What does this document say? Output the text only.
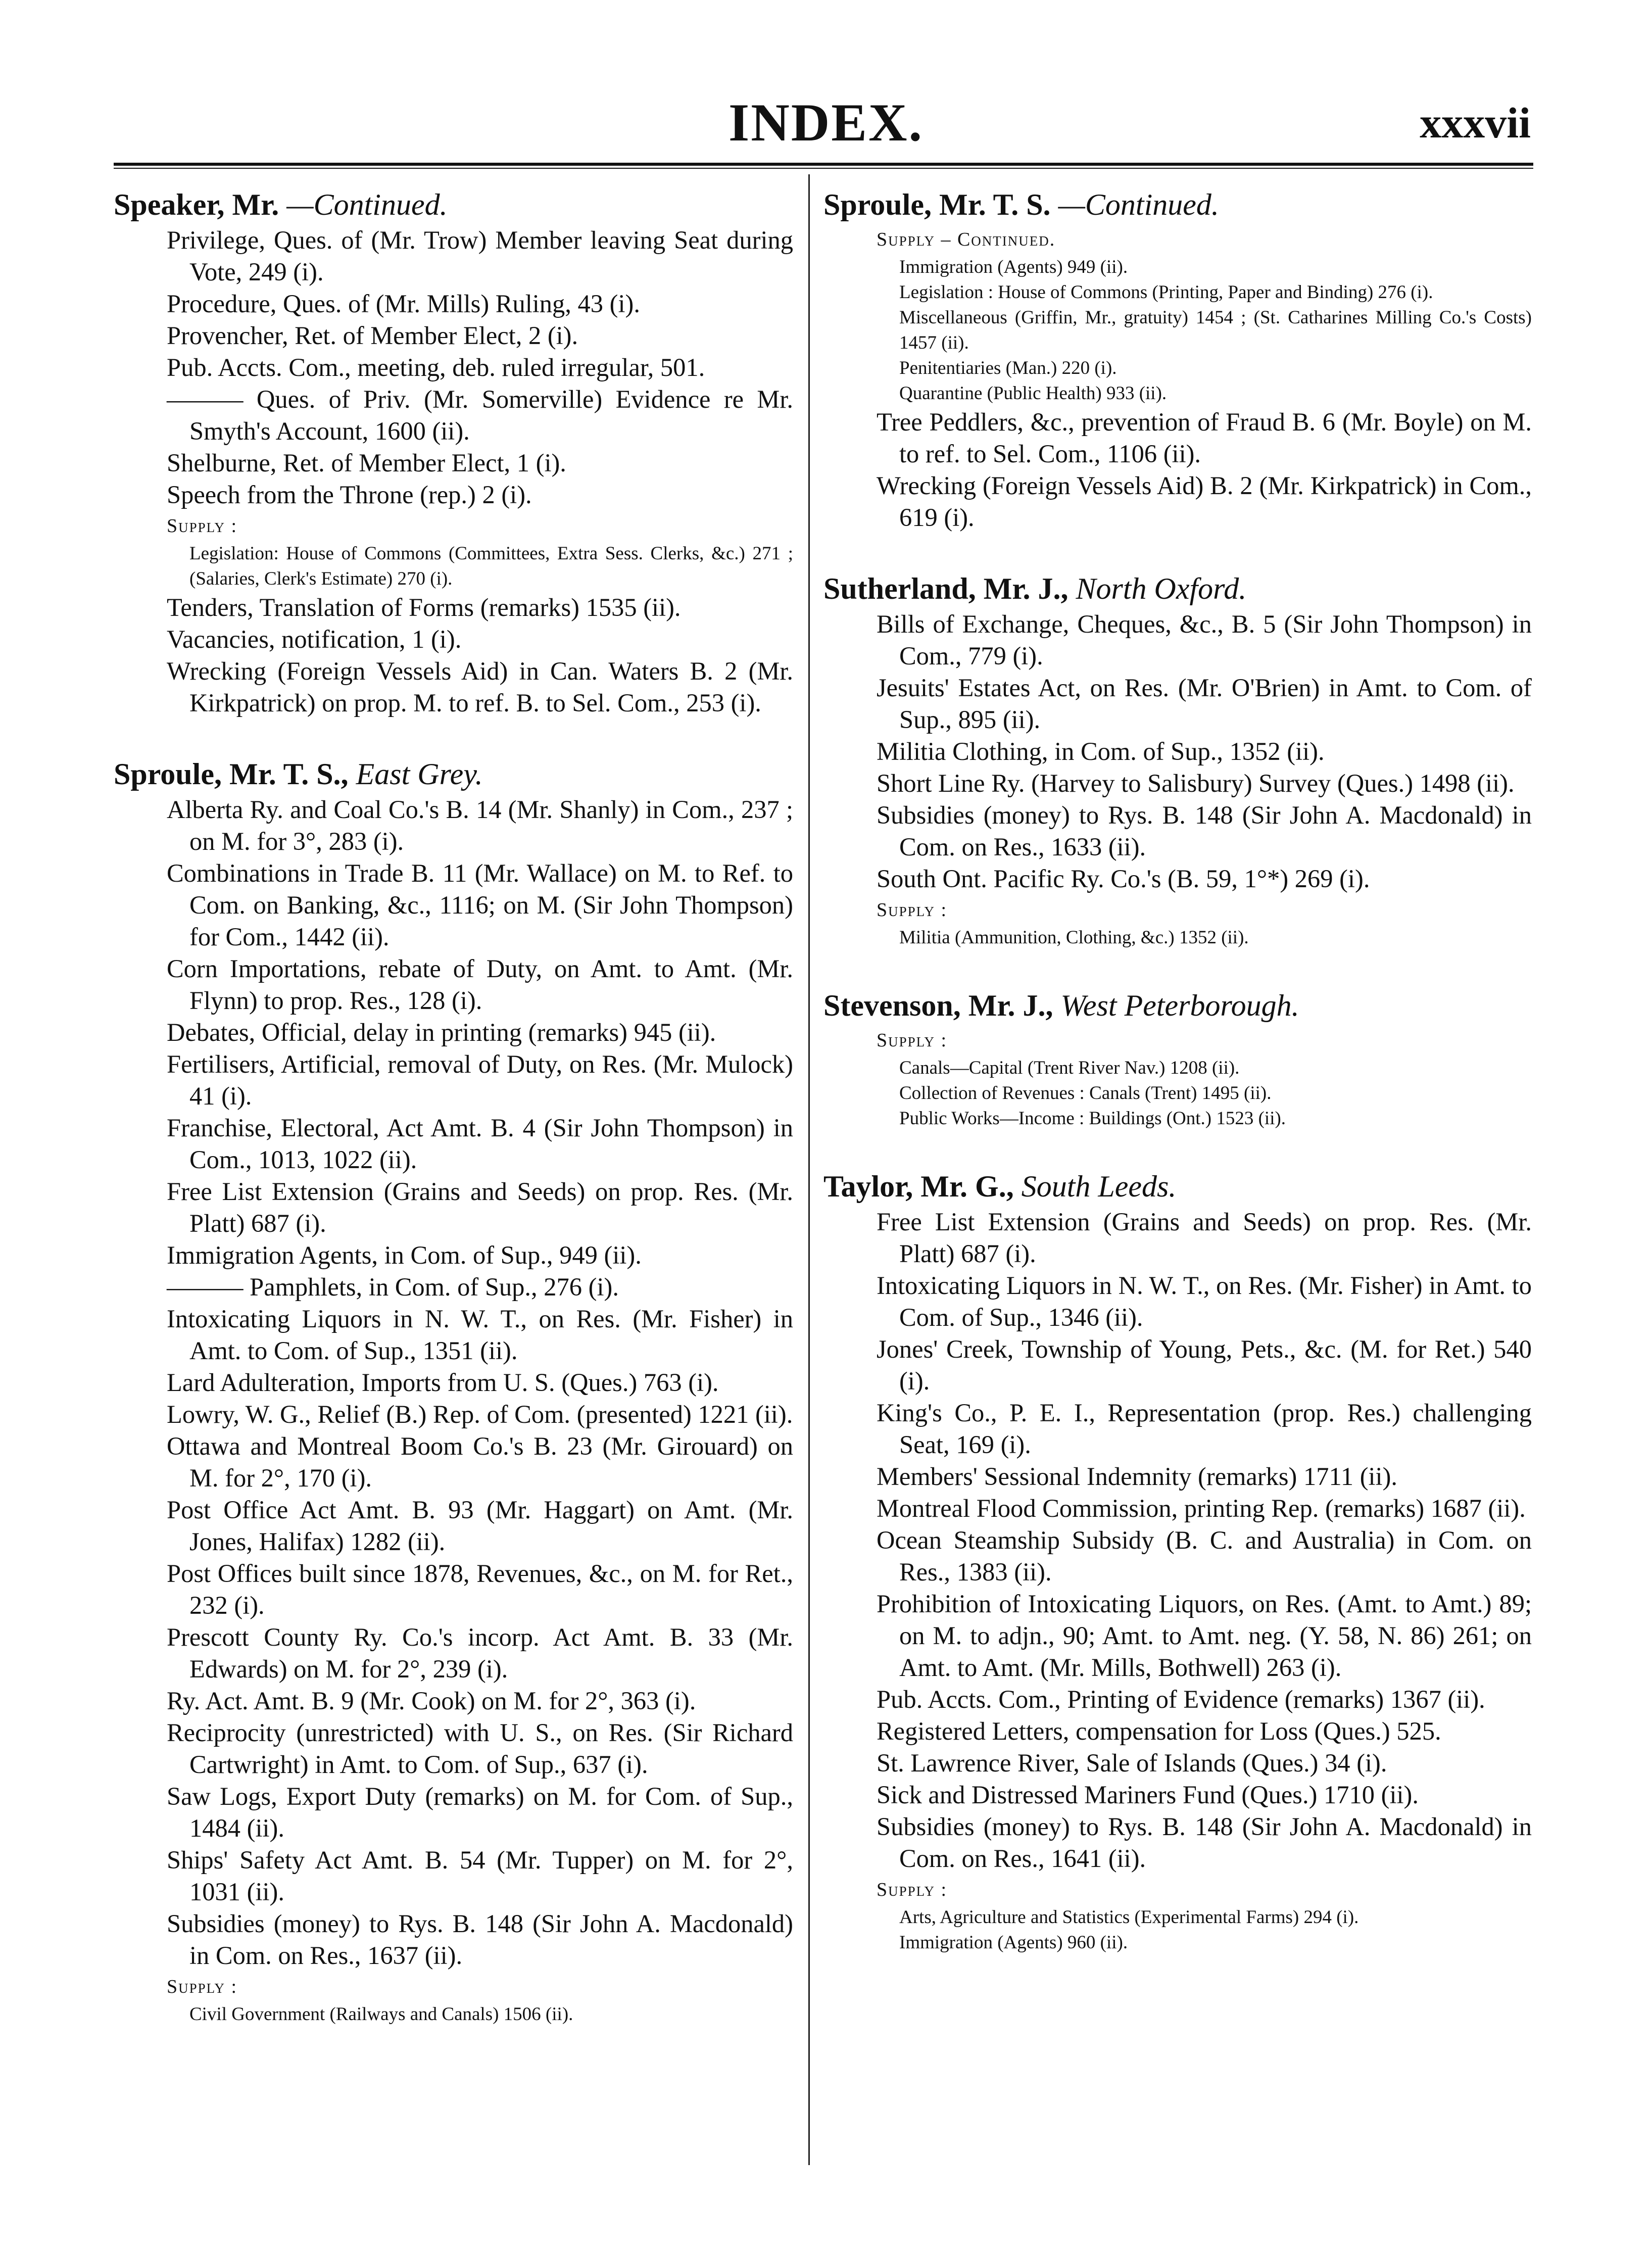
INDEX.	xxxvii
Speaker, Mr. —Continued.
Privilege, Ques. of (Mr. Trow) Member leaving Seat during Vote, 249 (i).
Procedure, Ques. of (Mr. Mills) Ruling, 43 (i).
Provencher, Ret. of Member Elect, 2 (i).
Pub. Accts. Com., meeting, deb. ruled irregular, 501.
——— Ques. of Priv. (Mr. Somerville) Evidence re Mr. Smyth's Account, 1600 (ii).
Shelburne, Ret. of Member Elect, 1 (i).
Speech from the Throne (rep.) 2 (i).
Supply :
Legislation: House of Commons (Committees, Extra Sess. Clerks, &c.) 271 ; (Salaries, Clerk's Estimate) 270 (i).
Tenders, Translation of Forms (remarks) 1535 (ii).
Vacancies, notification, 1 (i).
Wrecking (Foreign Vessels Aid) in Can. Waters B. 2 (Mr. Kirkpatrick) on prop. M. to ref. B. to Sel. Com., 253 (i).
Sproule, Mr. T. S., East Grey.
Alberta Ry. and Coal Co.'s B. 14 (Mr. Shanly) in Com., 237 ; on M. for 3°, 283 (i).
Combinations in Trade B. 11 (Mr. Wallace) on M. to Ref. to Com. on Banking, &c., 1116; on M. (Sir John Thompson) for Com., 1442 (ii).
Corn Importations, rebate of Duty, on Amt. to Amt. (Mr. Flynn) to prop. Res., 128 (i).
Debates, Official, delay in printing (remarks) 945 (ii).
Fertilisers, Artificial, removal of Duty, on Res. (Mr. Mulock) 41 (i).
Franchise, Electoral, Act Amt. B. 4 (Sir John Thompson) in Com., 1013, 1022 (ii).
Free List Extension (Grains and Seeds) on prop. Res. (Mr. Platt) 687 (i).
Immigration Agents, in Com. of Sup., 949 (ii).
——— Pamphlets, in Com. of Sup., 276 (i).
Intoxicating Liquors in N. W. T., on Res. (Mr. Fisher) in Amt. to Com. of Sup., 1351 (ii).
Lard Adulteration, Imports from U. S. (Ques.) 763 (i).
Lowry, W. G., Relief (B.) Rep. of Com. (presented) 1221 (ii).
Ottawa and Montreal Boom Co.'s B. 23 (Mr. Girouard) on M. for 2°, 170 (i).
Post Office Act Amt. B. 93 (Mr. Haggart) on Amt. (Mr. Jones, Halifax) 1282 (ii).
Post Offices built since 1878, Revenues, &c., on M. for Ret., 232 (i).
Prescott County Ry. Co.'s incorp. Act Amt. B. 33 (Mr. Edwards) on M. for 2°, 239 (i).
Ry. Act. Amt. B. 9 (Mr. Cook) on M. for 2°, 363 (i).
Reciprocity (unrestricted) with U. S., on Res. (Sir Richard Cartwright) in Amt. to Com. of Sup., 637 (i).
Saw Logs, Export Duty (remarks) on M. for Com. of Sup., 1484 (ii).
Ships' Safety Act Amt. B. 54 (Mr. Tupper) on M. for 2°, 1031 (ii).
Subsidies (money) to Rys. B. 148 (Sir John A. Macdonald) in Com. on Res., 1637 (ii).
Supply :
Civil Government (Railways and Canals) 1506 (ii).
Sproule, Mr. T. S. —Continued.
Supply – Continued.
Immigration (Agents) 949 (ii).
Legislation : House of Commons (Printing, Paper and Binding) 276 (i).
Miscellaneous (Griffin, Mr., gratuity) 1454 ; (St. Catharines Milling Co.'s Costs) 1457 (ii).
Penitentiaries (Man.) 220 (i).
Quarantine (Public Health) 933 (ii).
Tree Peddlers, &c., prevention of Fraud B. 6 (Mr. Boyle) on M. to ref. to Sel. Com., 1106 (ii).
Wrecking (Foreign Vessels Aid) B. 2 (Mr. Kirkpatrick) in Com., 619 (i).
Sutherland, Mr. J., North Oxford.
Bills of Exchange, Cheques, &c., B. 5 (Sir John Thompson) in Com., 779 (i).
Jesuits' Estates Act, on Res. (Mr. O'Brien) in Amt. to Com. of Sup., 895 (ii).
Militia Clothing, in Com. of Sup., 1352 (ii).
Short Line Ry. (Harvey to Salisbury) Survey (Ques.) 1498 (ii).
Subsidies (money) to Rys. B. 148 (Sir John A. Macdonald) in Com. on Res., 1633 (ii).
South Ont. Pacific Ry. Co.'s (B. 59, 1°*) 269 (i).
Supply :
Militia (Ammunition, Clothing, &c.) 1352 (ii).
Stevenson, Mr. J., West Peterborough.
Supply :
Canals—Capital (Trent River Nav.) 1208 (ii).
Collection of Revenues : Canals (Trent) 1495 (ii).
Public Works—Income : Buildings (Ont.) 1523 (ii).
Taylor, Mr. G., South Leeds.
Free List Extension (Grains and Seeds) on prop. Res. (Mr. Platt) 687 (i).
Intoxicating Liquors in N. W. T., on Res. (Mr. Fisher) in Amt. to Com. of Sup., 1346 (ii).
Jones' Creek, Township of Young, Pets., &c. (M. for Ret.) 540 (i).
King's Co., P. E. I., Representation (prop. Res.) challenging Seat, 169 (i).
Members' Sessional Indemnity (remarks) 1711 (ii).
Montreal Flood Commission, printing Rep. (remarks) 1687 (ii).
Ocean Steamship Subsidy (B. C. and Australia) in Com. on Res., 1383 (ii).
Prohibition of Intoxicating Liquors, on Res. (Amt. to Amt.) 89; on M. to adjn., 90; Amt. to Amt. neg. (Y. 58, N. 86) 261; on Amt. to Amt. (Mr. Mills, Bothwell) 263 (i).
Pub. Accts. Com., Printing of Evidence (remarks) 1367 (ii).
Registered Letters, compensation for Loss (Ques.) 525.
St. Lawrence River, Sale of Islands (Ques.) 34 (i).
Sick and Distressed Mariners Fund (Ques.) 1710 (ii).
Subsidies (money) to Rys. B. 148 (Sir John A. Macdonald) in Com. on Res., 1641 (ii).
Supply :
Arts, Agriculture and Statistics (Experimental Farms) 294 (i).
Immigration (Agents) 960 (ii).
